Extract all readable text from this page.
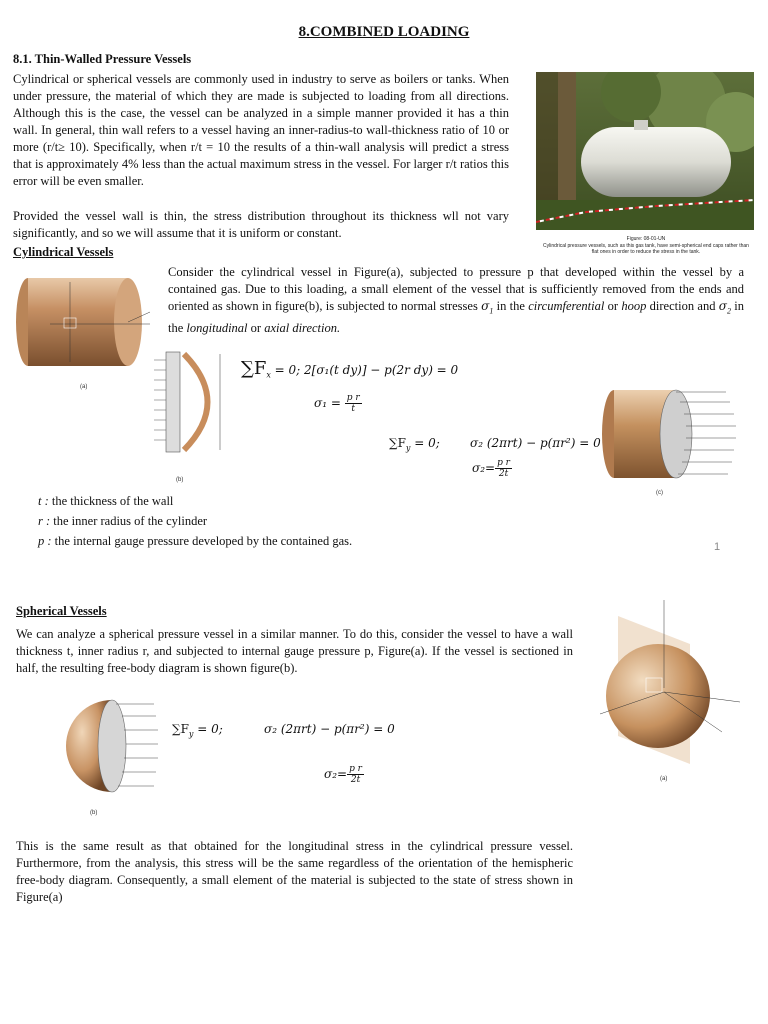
8.COMBINED LOADING
8.1. Thin-Walled Pressure Vessels
Cylindrical or spherical vessels are commonly used in industry to serve as boilers or tanks. When under pressure, the material of which they are made is subjected to loading from all directions. Although this is the case, the vessel can be analyzed in a simple manner provided it has a thin wall. In general, thin wall refers to a vessel having an inner-radius-to wall-thickness ratio of 10 or more (r/t≥ 10). Specifically, when r/t = 10 the results of a thin-wall analysis will predict a stress that is approximately 4% less than the actual maximum stress in the vessel. For larger r/t ratios this error will be even smaller.
Provided the vessel wall is thin, the stress distribution throughout its thickness wll not vary significantly, and so we will assume that it is uniform or constant.	Figure: 08-01-UN
Cylindrical pressure vessels, such as this gas tank, have semi-spherical end caps rather than flat ones in order to reduce the stress in the tank.
Cylindrical Vessels
Consider the cylindrical vessel in Figure(a), subjected to pressure p that developed within the vessel by a contained gas. Due to this loading, a small element of the vessel that is sufficiently removed from the ends and oriented as shown in figure(b), is subjected to normal stresses $\sigma_1$ in the circumferential or hoop direction and $\sigma_2$ in the longitudinal or axial direction.
(a)
(b)
$\sum F_x = 0$; 2[σ₁(t dy)] − p(2r dy) = 0
$\sigma_1 = \frac{\text{p r}}{t}$
$\sum F_y = 0$;	σ₂ (2πrt) − p(πr²) = 0
$\sigma_2= \frac{\text{p r}}{2t}$
(c)
t : the thickness of the wall
r : the inner radius of the cylinder
p : the internal gauge pressure developed by the contained gas.	1
Spherical Vessels
We can analyze a spherical pressure vessel in a similar manner. To do this, consider the vessel to have a wall thickness t, inner radius r, and subjected to internal gauge pressure p, Figure(a). If the vessel is sectioned in half, the resulting free-body diagram is shown figure(b).
(b)
$\sum F_y = 0$;	σ₂ (2πrt) − p(πr²) = 0
$\sigma_2= \frac{\text{p r}}{2t}$	(a)
This is the same result as that obtained for the longitudinal stress in the cylindrical pressure vessel. Furthermore, from the analysis, this stress will be the same regardless of the orientation of the hemispheric free-body diagram. Consequently, a small element of the material is subjected to the state of stress shown in Figure(a)
